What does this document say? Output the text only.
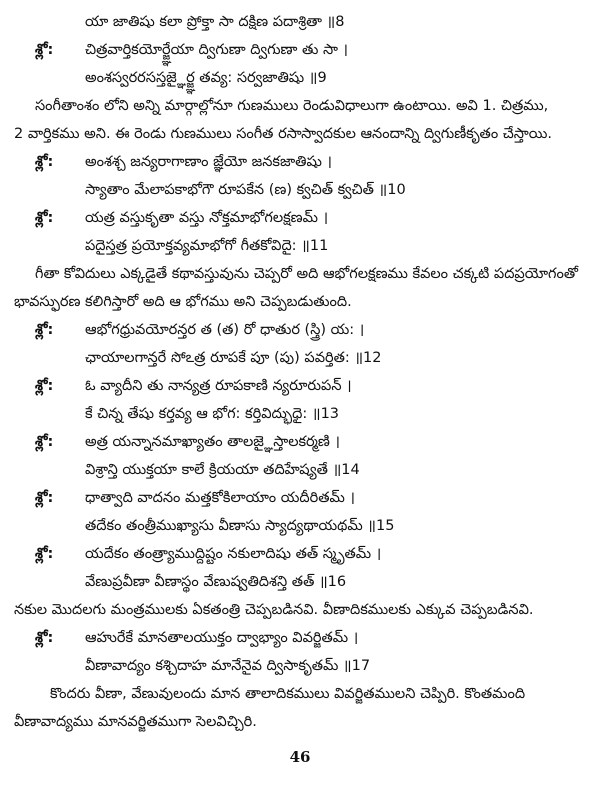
యా జాతిషు కలా ప్రోక్తా సా దక్షిణ పదాశ్రితా ॥8
శ్లో: చిత్రవార్తికయోర్జ్ఞేయా ద్విగుణా ద్విగుణా తు సా ।
అంశస్వరరసస్తజ్ఞైర్జ్ఞ తవ్య: సర్వజాతిషు ॥9
సంగీతాంశం లోని అన్ని మార్గాల్లోనూ గుణములు రెండువిధాలుగా ఉంటాయి. అవి 1. చిత్రము,
2 వార్తికము అని. ఈ రెండు గుణములు సంగీత రసాస్వాదకుల ఆనందాన్ని ద్విగుణీకృతం చేస్తాయి.
శ్లో: అంశశ్చ జన్యరాగాణాం జ్ఞేయో జనకజాతిషు ।
స్యాతాం మేలాపకాభోగౌ రూపకేన (ణ) క్వచిత్ క్వచిత్ ॥10
శ్లో: యత్ర వస్తుకృతా వస్తు నోక్తమాభోగలక్షణమ్ ।
పదైస్తత్ర ప్రయోక్తవ్యమాభోగో గీతకోవిదై: ॥11
గీతా కోవిదులు ఎక్కడైతే కథావస్తువును చెప్పరో అది ఆభోగలక్షణము కేవలం చక్కటి పదప్రయోగంతో
భావస్ఫురణ కలిగిస్తారో అది ఆ భోగము అని చెప్పబడుతుంది.
శ్లో: ఆభోగధ్రువయోరన్తర త (త) రో ధాతుర (స్త్రి) య: ।
ఛాయాలగాన్తరే సోఽత్ర రూపకే పూ (పు) పవర్తిత: ॥12
శ్లో: ఓ వ్యాదీని తు నాన్యత్ర రూపకాణి న్యరూరుపన్ ।
కే చిన్న తేషు కర్తవ్య ఆ భోగ: కర్తివిద్భుధై: ॥13
శ్లో: అత్ర యన్నానమాఖ్యాతం తాలజ్ఞైస్తాలకర్మణి ।
విశ్రాన్తి యుక్తయా కాలే క్రియయా తదిహేష్యతే ॥14
శ్లో: ధాత్వాది వాదనం మత్తకోకిలాయాం యదీరితమ్ ।
తదేకం తంత్రీముఖ్యాసు వీణాసు స్యాద్యథాయథమ్ ॥15
శ్లో: యదేకం తంత్ర్యాముద్దిష్టం నకులాదిషు తత్ స్మృతమ్ ।
వేణుప్రవీణా వీణాస్థం వేణుష్వతిదిశన్తి తత్ ॥16
నకుల మొదలగు మంత్రములకు ఏకతంత్రి చెప్పబడినవి. వీణాదికములకు ఎక్కువ చెప్పబడినవి.
శ్లో: ఆహురేకే మానతాలయుక్తం ద్వాభ్యాం వివర్జితమ్ ।
వీణావాద్యం కశ్చిదాహ మానేనైవ ద్విసాకృతమ్ ॥17
కొందరు వీణా, వేణువులందు మాన తాలాదికములు వివర్జితములని చెప్పిరి. కొంతమంది
వీణావాద్యము మానవర్జితముగా సెలవిచ్చిరి.
46
